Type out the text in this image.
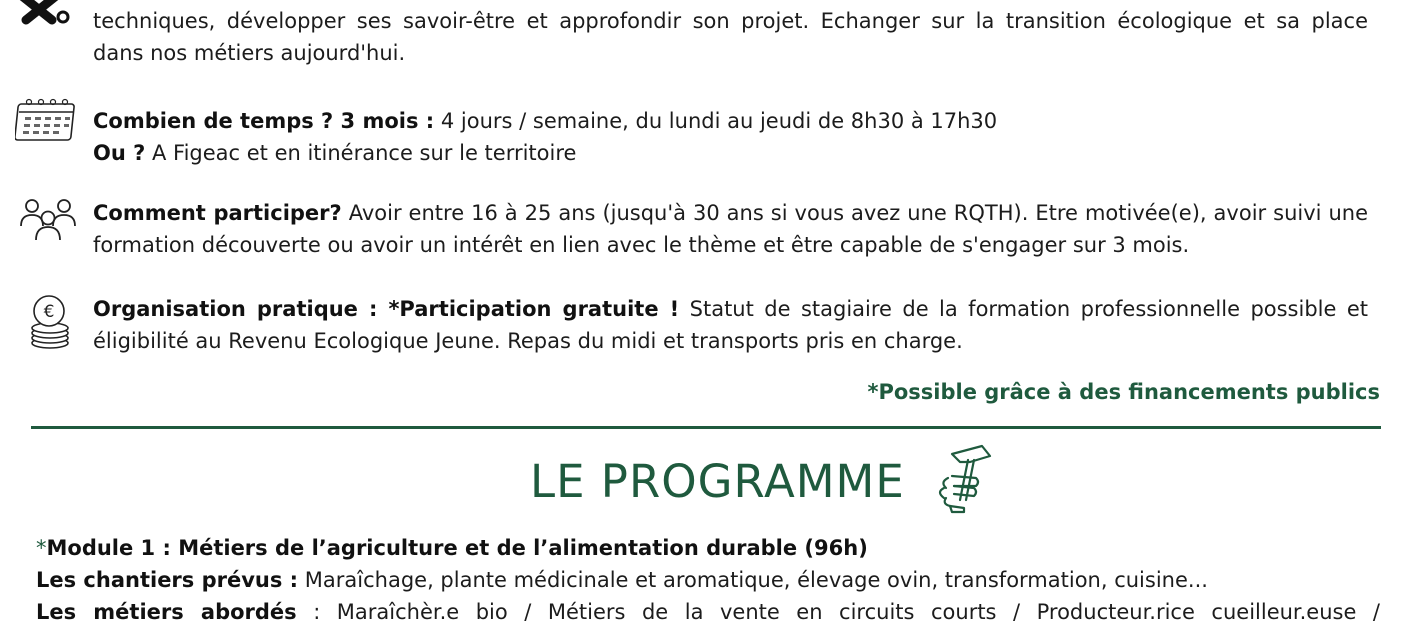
techniques, développer ses savoir-être et approfondir son projet. Echanger sur la transition écologique et sa place
dans nos métiers aujourd'hui.
Combien de temps ? 3 mois : 4 jours / semaine, du lundi au jeudi de 8h30 à 17h30
Ou ? A Figeac et en itinérance sur le territoire
Comment participer? Avoir entre 16 à 25 ans (jusqu'à 30 ans si vous avez une RQTH). Etre motivée(e), avoir suivi une formation découverte ou avoir un intérêt en lien avec le thème et être capable de s'engager sur 3 mois.
€ Organisation pratique : *Participation gratuite ! Statut de stagiaire de la formation professionnelle possible et éligibilité au Revenu Ecologique Jeune. Repas du midi et transports pris en charge.
*Possible grâce à des financements publics
LE PROGRAMME
*Module 1 : Métiers de l’agriculture et de l’alimentation durable (96h)
Les chantiers prévus : Maraîchage, plante médicinale et aromatique, élevage ovin, transformation, cuisine...
Les métiers abordés : Maraîchèr.e bio / Métiers de la vente en circuits courts / Producteur.rice cueilleur.euse /
